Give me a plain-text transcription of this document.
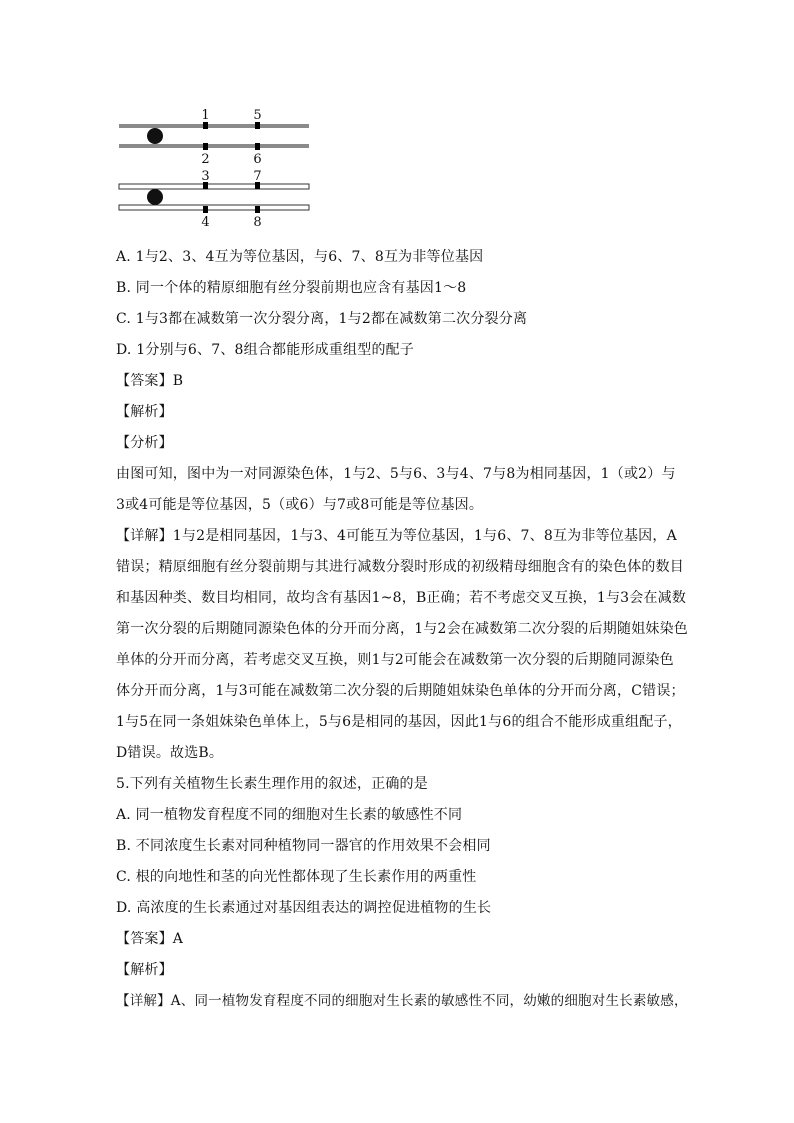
1	5
2	6
3	7
4	8

A. 1与2、3、4互为等位基因，与6、7、8互为非等位基因

B. 同一个体的精原细胞有丝分裂前期也应含有基因1～8

C. 1与3都在减数第一次分裂分离，1与2都在减数第二次分裂分离

D. 1分别与6、7、8组合都能形成重组型的配子

【答案】B

【解析】

【分析】

由图可知，图中为一对同源染色体，1与2、5与6、3与4、7与8为相同基因，1（或2）与

3或4可能是等位基因，5（或6）与7或8可能是等位基因。

【详解】1与2是相同基因，1与3、4可能互为等位基因，1与6、7、8互为非等位基因，A

错误；精原细胞有丝分裂前期与其进行减数分裂时形成的初级精母细胞含有的染色体的数目

和基因种类、数目均相同，故均含有基因1~8，B正确；若不考虑交叉互换，1与3会在减数

第一次分裂的后期随同源染色体的分开而分离，1与2会在减数第二次分裂的后期随姐妹染色

单体的分开而分离，若考虑交叉互换，则1与2可能会在减数第一次分裂的后期随同源染色

体分开而分离，1与3可能在减数第二次分裂的后期随姐妹染色单体的分开而分离，C错误；

1与5在同一条姐妹染色单体上，5与6是相同的基因，因此1与6的组合不能形成重组配子，

D错误。故选B。

5.下列有关植物生长素生理作用的叙述，正确的是

A. 同一植物发育程度不同的细胞对生长素的敏感性不同

B. 不同浓度生长素对同种植物同一器官的作用效果不会相同

C. 根的向地性和茎的向光性都体现了生长素作用的两重性

D. 高浓度的生长素通过对基因组表达的调控促进植物的生长

【答案】A

【解析】

【详解】A、同一植物发育程度不同的细胞对生长素的敏感性不同，幼嫩的细胞对生长素敏感，
